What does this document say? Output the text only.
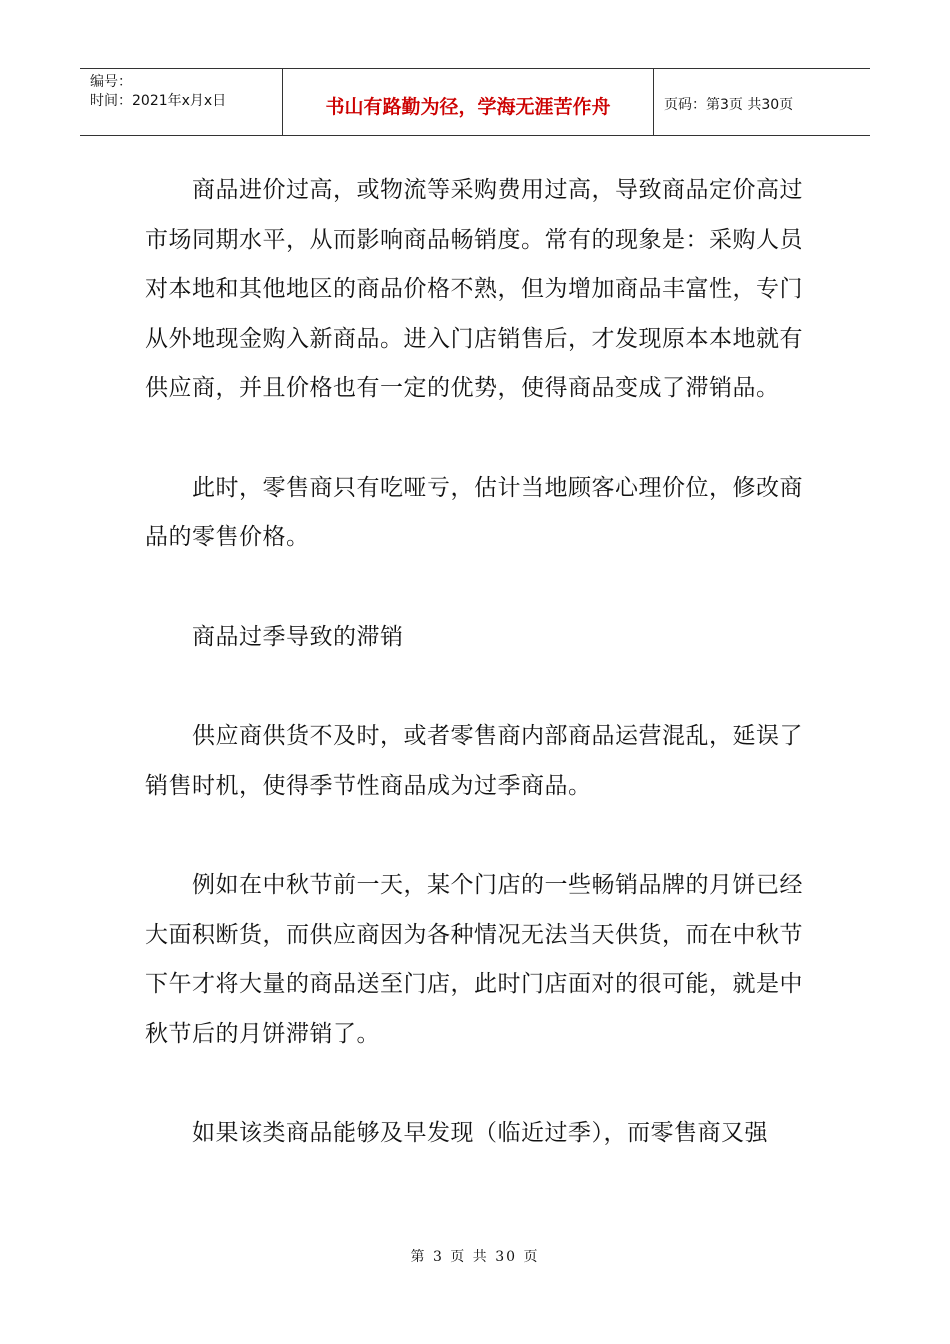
编号：
时间：2021年x月x日	书山有路勤为径，学海无涯苦作舟	页码：第3页 共30页

商品进价过高，或物流等采购费用过高，导致商品定价高过市场同期水平，从而影响商品畅销度。常有的现象是：采购人员对本地和其他地区的商品价格不熟，但为增加商品丰富性，专门从外地现金购入新商品。进入门店销售后，才发现原本本地就有供应商，并且价格也有一定的优势，使得商品变成了滞销品。

此时，零售商只有吃哑亏，估计当地顾客心理价位，修改商品的零售价格。

商品过季导致的滞销

供应商供货不及时，或者零售商内部商品运营混乱，延误了销售时机，使得季节性商品成为过季商品。

例如在中秋节前一天，某个门店的一些畅销品牌的月饼已经大面积断货，而供应商因为各种情况无法当天供货，而在中秋节下午才将大量的商品送至门店，此时门店面对的很可能，就是中秋节后的月饼滞销了。

如果该类商品能够及早发现（临近过季），而零售商又强

第 3 页 共 30 页
